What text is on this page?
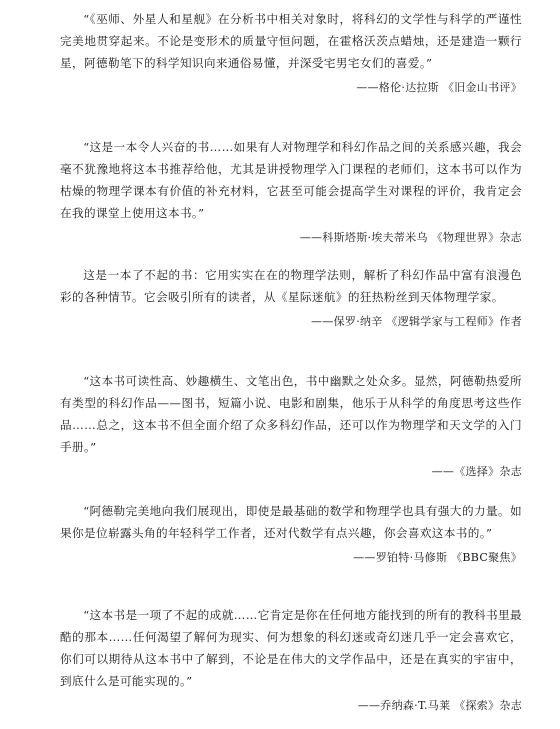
“《巫师、外星人和星舰》在分析书中相关对象时，将科幻的文学性与科学的严谨性完美地贯穿起来。不论是变形术的质量守恒问题，在霍格沃茨点蜡烛，还是建造一颗行星，阿德勒笔下的科学知识向来通俗易懂，并深受宅男宅女们的喜爱。”

——格伦·达拉斯 《旧金山书评》

“这是一本令人兴奋的书……如果有人对物理学和科幻作品之间的关系感兴趣，我会毫不犹豫地将这本书推荐给他，尤其是讲授物理学入门课程的老师们，这本书可以作为枯燥的物理学课本有价值的补充材料，它甚至可能会提高学生对课程的评价，我肯定会在我的课堂上使用这本书。”

——科斯塔斯·埃夫蒂米乌 《物理世界》杂志

这是一本了不起的书：它用实实在在的物理学法则，解析了科幻作品中富有浪漫色彩的各种情节。它会吸引所有的读者，从《星际迷航》的狂热粉丝到天体物理学家。

——保罗·纳辛 《逻辑学家与工程师》作者

“这本书可读性高、妙趣横生、文笔出色，书中幽默之处众多。显然，阿德勒热爱所有类型的科幻作品——图书，短篇小说、电影和剧集，他乐于从科学的角度思考这些作品……总之，这本书不但全面介绍了众多科幻作品，还可以作为物理学和天文学的入门手册。”

——《选择》杂志

“阿德勒完美地向我们展现出，即使是最基础的数学和物理学也具有强大的力量。如果你是位崭露头角的年轻科学工作者，还对代数学有点兴趣，你会喜欢这本书的。”

——罗铂特·马修斯 《BBC聚焦》

“这本书是一项了不起的成就……它肯定是你在任何地方能找到的所有的教科书里最酷的那本……任何渴望了解何为现实、何为想象的科幻迷或奇幻迷几乎一定会喜欢它，你们可以期待从这本书中了解到，不论是在伟大的文学作品中，还是在真实的宇宙中，到底什么是可能实现的。”

——乔纳森·T.马莱 《探索》杂志
